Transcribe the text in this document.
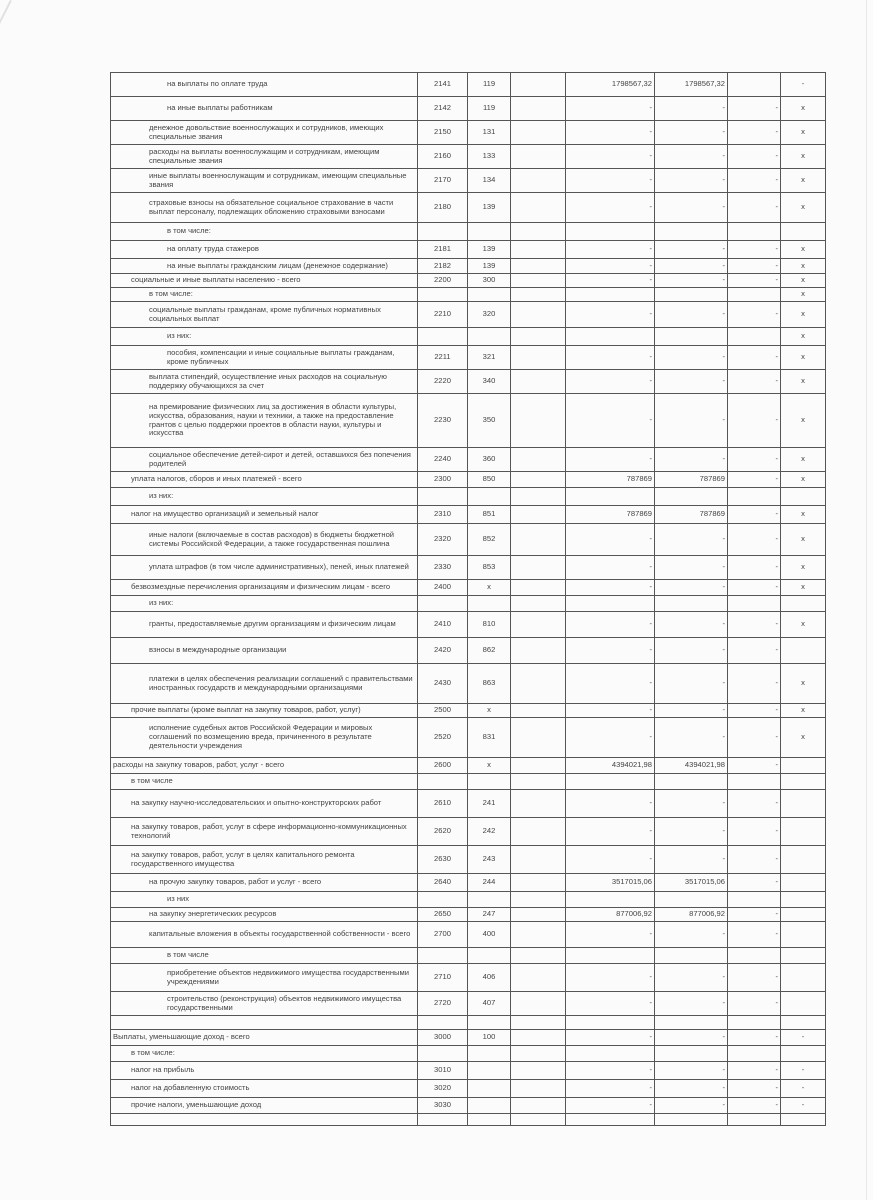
на выплаты по оплате труда	2141	119		1798567,32	1798567,32		-
на иные выплаты работникам	2142	119		-	-	-	x
денежное довольствие военнослужащих и сотрудников, имеющих специальные звания	2150	131		-	-	-	x
расходы на выплаты военнослужащим и сотрудникам, имеющим специальные звания	2160	133		-	-	-	x
иные выплаты военнослужащим и сотрудникам, имеющим специальные звания	2170	134		-	-	-	x
страховые взносы на обязательное социальное страхование в части выплат персоналу, подлежащих обложению страховыми взносами	2180	139		-	-	-	x
в том числе:							
на оплату труда стажеров	2181	139		-	-	-	x
на иные выплаты гражданским лицам (денежное содержание)	2182	139		-	-	-	x
социальные и иные выплаты населению - всего	2200	300		-	-	-	x
в том числе:							x
социальные выплаты гражданам, кроме публичных нормативных социальных выплат	2210	320		-	-	-	x
из них:							x
пособия, компенсации и иные социальные выплаты гражданам, кроме публичных	2211	321		-	-	-	x
выплата стипендий, осуществление иных расходов на социальную поддержку обучающихся за счет	2220	340		-	-	-	x
на премирование физических лиц за достижения в области культуры, искусства, образования, науки и техники, а также на предоставление грантов с целью поддержки проектов в области науки, культуры и искусства	2230	350		-	-	-	x
социальное обеспечение детей-сирот и детей, оставшихся без попечения родителей	2240	360		-	-	-	x
уплата налогов, сборов и иных платежей - всего	2300	850		787869	787869	-	x
из них:							
налог на имущество организаций и земельный налог	2310	851		787869	787869	-	x
иные налоги (включаемые в состав расходов) в бюджеты бюджетной системы Российской Федерации, а также государственная пошлина	2320	852		-	-	-	x
уплата штрафов (в том числе административных), пеней, иных платежей	2330	853		-	-	-	x
безвозмездные перечисления организациям и физическим лицам - всего	2400	x		-	-	-	x
из них:							
гранты, предоставляемые другим организациям и физическим лицам	2410	810		-	-	-	x
взносы в международные организации	2420	862		-	-	-	
платежи в целях обеспечения реализации соглашений с правительствами иностранных государств и международными организациями	2430	863		-	-	-	x
прочие выплаты (кроме выплат на закупку товаров, работ, услуг)	2500	x		-	-	-	x
исполнение судебных актов Российской Федерации и мировых соглашений по возмещению вреда, причиненного в результате деятельности учреждения	2520	831		-	-	-	x
расходы на закупку товаров, работ, услуг - всего	2600	x		4394021,98	4394021,98	-	
в том числе							
на закупку научно-исследовательских и опытно-конструкторских работ	2610	241		-	-	-	
на закупку товаров, работ, услуг в сфере информационно-коммуникационных технологий	2620	242		-	-	-	
на закупку товаров, работ, услуг в целях капитального ремонта государственного имущества	2630	243		-	-	-	
на прочую закупку товаров, работ и услуг - всего	2640	244		3517015,06	3517015,06	-	
из них							
на закупку энергетических ресурсов	2650	247		877006,92	877006,92	-	
капитальные вложения в объекты государственной собственности - всего	2700	400		-	-	-	
в том числе							
приобретение объектов недвижимого имущества государственными учреждениями	2710	406		-	-	-	
строительство (реконструкция) объектов недвижимого имущества государственными	2720	407		-	-	-	

Выплаты, уменьшающие доход - всего	3000	100		-	-	-	-
в том числе:							
налог на прибыль	3010			-	-	-	-
налог на добавленную стоимость	3020			-	-	-	-
прочие налоги, уменьшающие доход	3030			-	-	-	-
